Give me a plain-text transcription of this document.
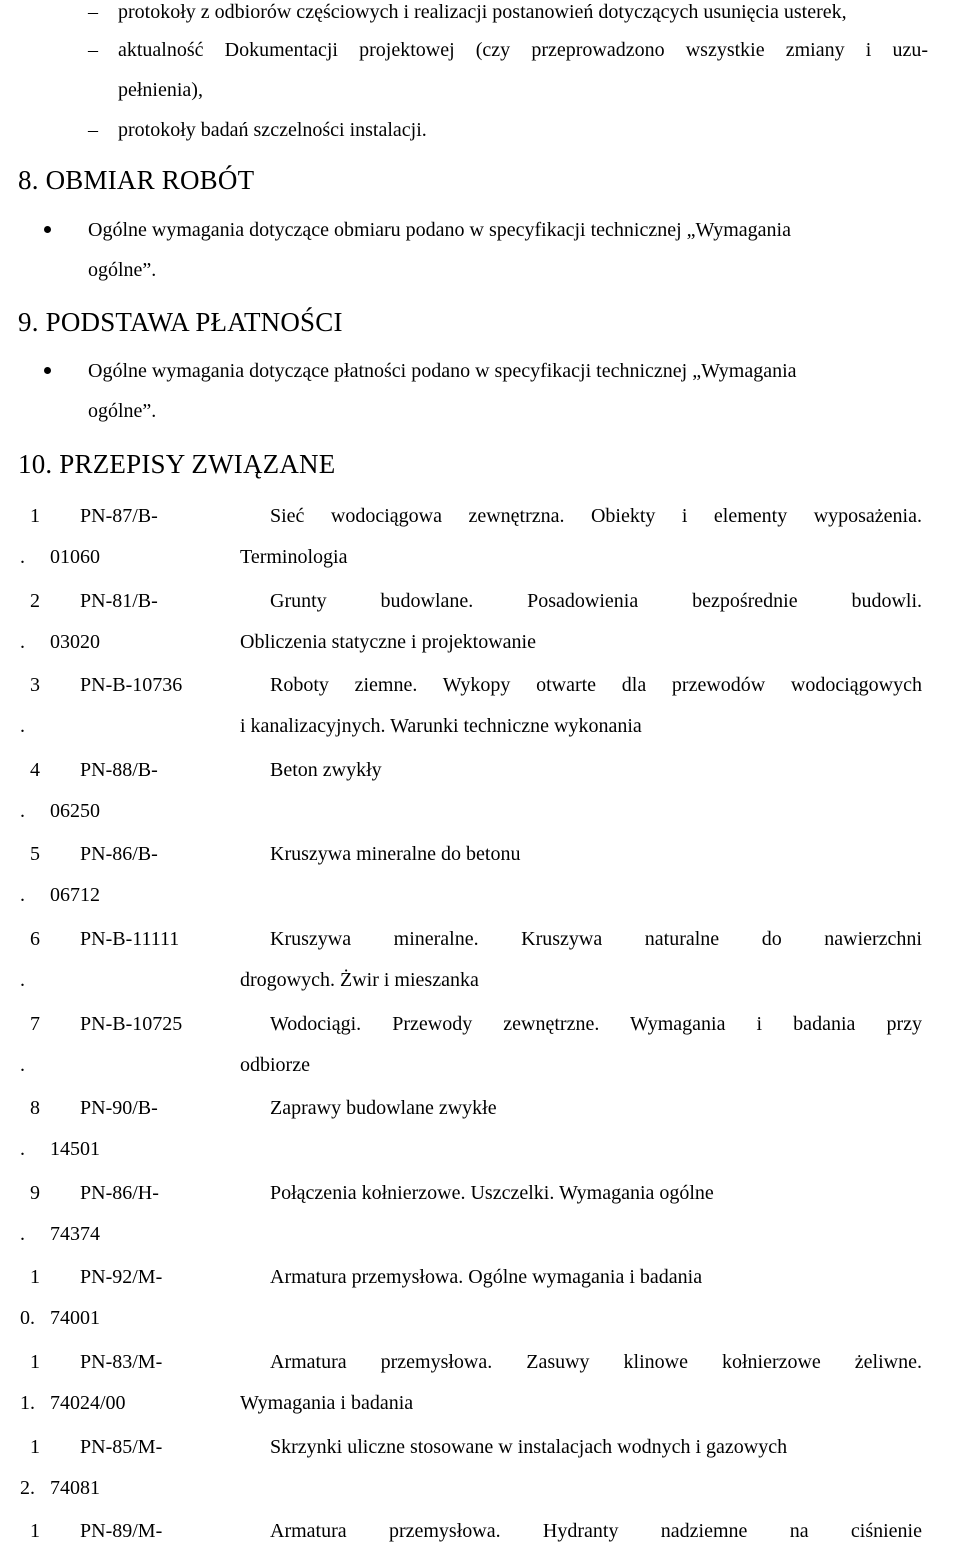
– protokoły z odbiorów częściowych i realizacji postanowień dotyczących usunięcia usterek,
– aktualność Dokumentacji projektowej (czy przeprowadzono wszystkie zmiany i uzu-
pełnienia),
– protokoły badań szczelności instalacji.
8. OBMIAR ROBÓT
Ogólne wymagania dotyczące obmiaru podano w specyfikacji technicznej „Wymagania
ogólne”.
9. PODSTAWA PŁATNOŚCI
Ogólne wymagania dotyczące płatności podano w specyfikacji technicznej „Wymagania
ogólne”.
10. PRZEPISY ZWIĄZANE
1 PN-87/B-	Sieć wodociągowa zewnętrzna. Obiekty i elementy wyposażenia.
. 01060	Terminologia
2 PN-81/B-	Grunty budowlane. Posadowienia bezpośrednie budowli.
. 03020	Obliczenia statyczne i projektowanie
3 PN-B-10736	Roboty ziemne. Wykopy otwarte dla przewodów wodociągowych
.	i kanalizacyjnych. Warunki techniczne wykonania
4 PN-88/B-	Beton zwykły
. 06250
5 PN-86/B-	Kruszywa mineralne do betonu
. 06712
6 PN-B-11111	Kruszywa mineralne. Kruszywa naturalne do nawierzchni
.	drogowych. Żwir i mieszanka
7 PN-B-10725	Wodociągi. Przewody zewnętrzne. Wymagania i badania przy
.	odbiorze
8 PN-90/B-	Zaprawy budowlane zwykłe
. 14501
9 PN-86/H-	Połączenia kołnierzowe. Uszczelki. Wymagania ogólne
. 74374
1 PN-92/M-	Armatura przemysłowa. Ogólne wymagania i badania
0. 74001
1 PN-83/M-	Armatura przemysłowa. Zasuwy klinowe kołnierzowe żeliwne.
1. 74024/00	Wymagania i badania
1 PN-85/M-	Skrzynki uliczne stosowane w instalacjach wodnych i gazowych
2. 74081
1 PN-89/M-	Armatura przemysłowa. Hydranty nadziemne na ciśnienie
